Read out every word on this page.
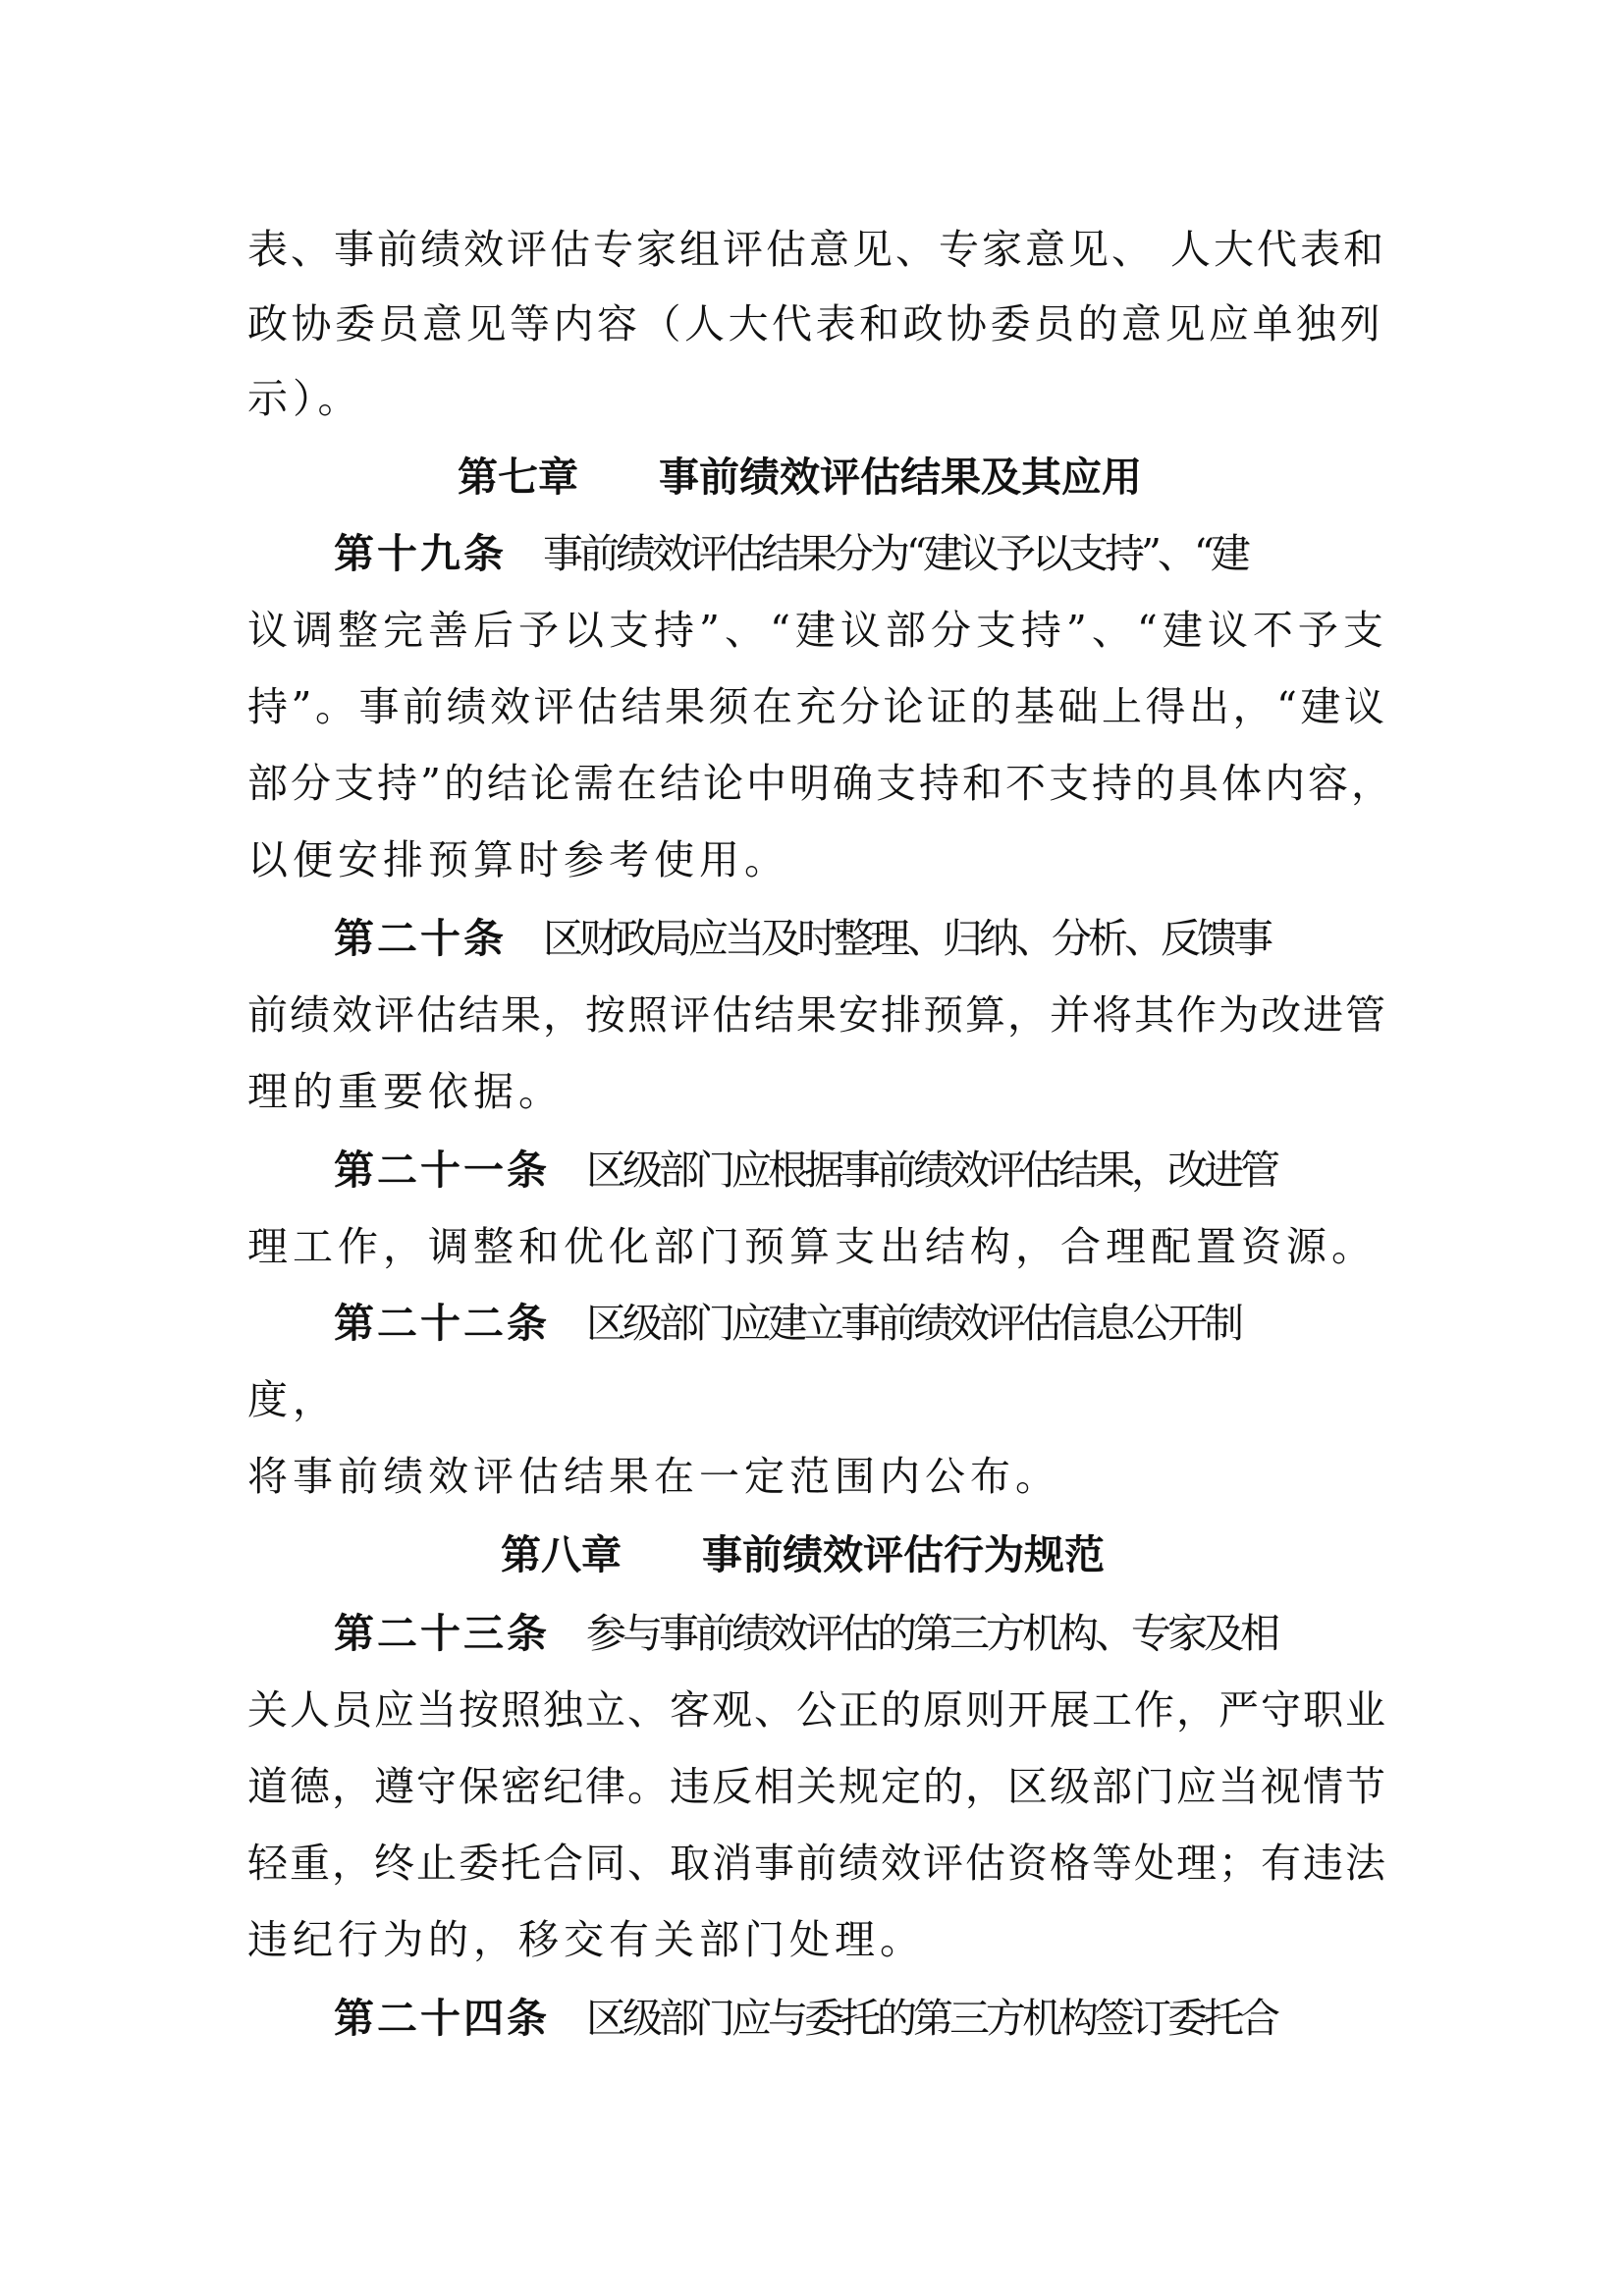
表、事前绩效评估专家组评估意见、专家意见、 人大代表和
政协委员意见等内容（人大代表和政协委员的意见应单独列
示）。
第七章 事前绩效评估结果及其应用
第十九条  事前绩效评估结果分为“建议予以支持”、“建
议调整完善后予以支持”、“建议部分支持”、“建议不予支
持”。事前绩效评估结果须在充分论证的基础上得出，“建议
部分支持”的结论需在结论中明确支持和不支持的具体内容，
以便安排预算时参考使用。
第二十条  区财政局应当及时整理、归纳、分析、反馈事
前绩效评估结果，按照评估结果安排预算，并将其作为改进管
理的重要依据。
第二十一条  区级部门应根据事前绩效评估结果，改进管
理工作，调整和优化部门预算支出结构，合理配置资源。
第二十二条  区级部门应建立事前绩效评估信息公开制
度，
将事前绩效评估结果在一定范围内公布。
第八章 事前绩效评估行为规范
第二十三条  参与事前绩效评估的第三方机构、专家及相
关人员应当按照独立、客观、公正的原则开展工作，严守职业
道德，遵守保密纪律。违反相关规定的，区级部门应当视情节
轻重，终止委托合同、取消事前绩效评估资格等处理；有违法
违纪行为的，移交有关部门处理。
第二十四条  区级部门应与委托的第三方机构签订委托合
